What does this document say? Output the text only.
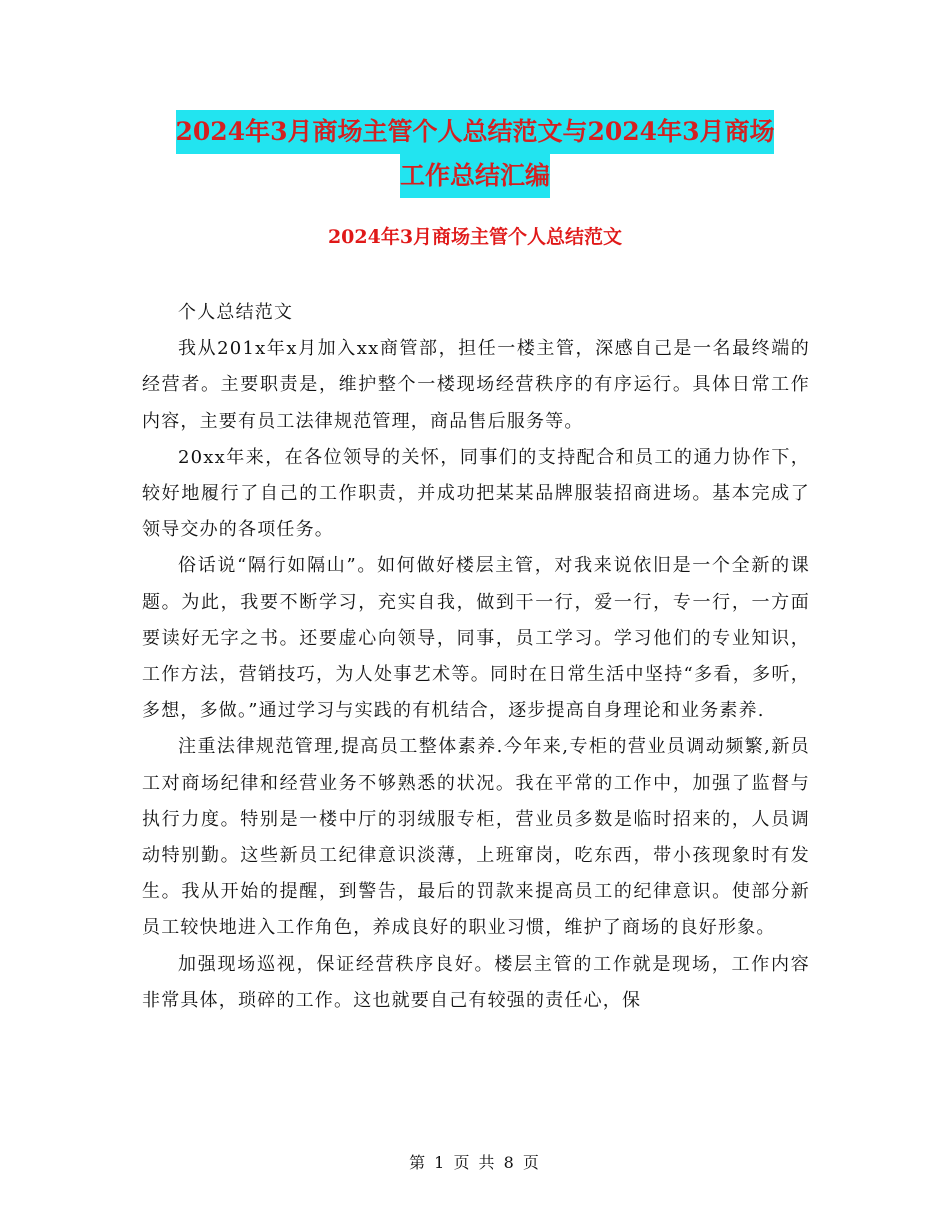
2024年3月商场主管个人总结范文与2024年3月商场
工作总结汇编
2024年3月商场主管个人总结范文

个人总结范文

我从201x年x月加入xx商管部，担任一楼主管，深感自己是一名最终端的经营者。主要职责是，维护整个一楼现场经营秩序的有序运行。具体日常工作内容，主要有员工法律规范管理，商品售后服务等。

20xx年来，在各位领导的关怀，同事们的支持配合和员工的通力协作下，较好地履行了自己的工作职责，并成功把某某品牌服装招商进场。基本完成了领导交办的各项任务。

俗话说“隔行如隔山”。如何做好楼层主管，对我来说依旧是一个全新的课题。为此，我要不断学习，充实自我，做到干一行，爱一行，专一行，一方面要读好无字之书。还要虚心向领导，同事，员工学习。学习他们的专业知识，工作方法，营销技巧，为人处事艺术等。同时在日常生活中坚持“多看，多听，多想，多做。”通过学习与实践的有机结合，逐步提高自身理论和业务素养.

注重法律规范管理,提高员工整体素养.今年来,专柜的营业员调动频繁,新员工对商场纪律和经营业务不够熟悉的状况。我在平常的工作中，加强了监督与执行力度。特别是一楼中厅的羽绒服专柜，营业员多数是临时招来的，人员调动特别勤。这些新员工纪律意识淡薄，上班窜岗，吃东西，带小孩现象时有发生。我从开始的提醒，到警告，最后的罚款来提高员工的纪律意识。使部分新员工较快地进入工作角色，养成良好的职业习惯，维护了商场的良好形象。

加强现场巡视，保证经营秩序良好。楼层主管的工作就是现场，工作内容非常具体，琐碎的工作。这也就要自己有较强的责任心，保

第 1 页 共 8 页
